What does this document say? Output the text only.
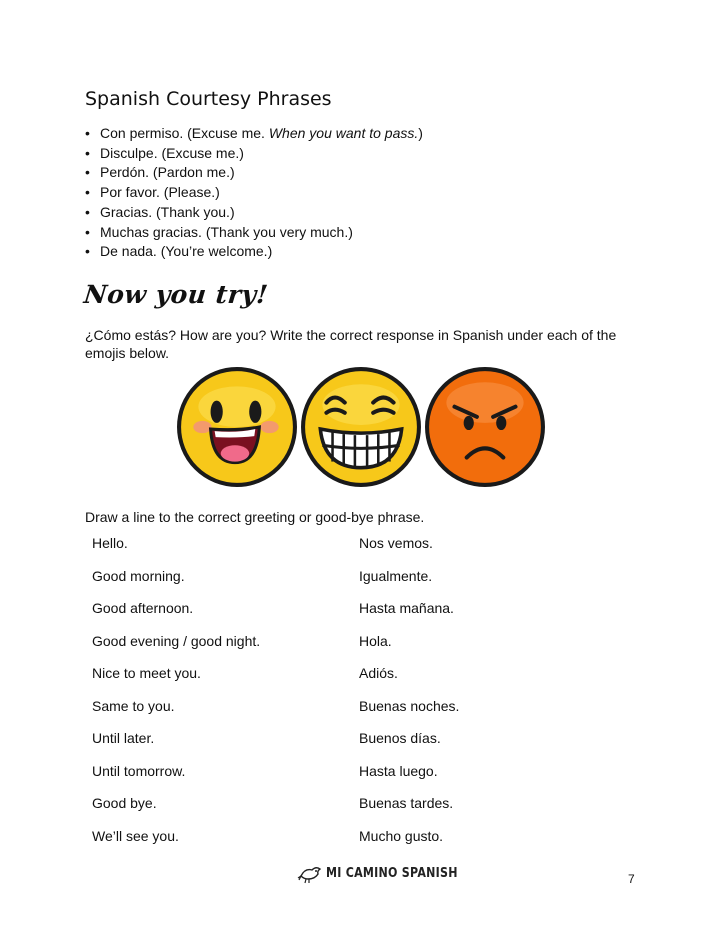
Spanish Courtesy Phrases
• Con permiso. (Excuse me. When you want to pass.)
• Disculpe. (Excuse me.)
• Perdón. (Pardon me.)
• Por favor. (Please.)
• Gracias. (Thank you.)
• Muchas gracias. (Thank you very much.)
• De nada. (You’re welcome.)
Now you try!
¿Cómo estás? How are you? Write the correct response in Spanish under each of the emojis below.
Draw a line to the correct greeting or good-bye phrase.
Hello.
Good morning.
Good afternoon.
Good evening / good night.
Nice to meet you.
Same to you.
Until later.
Until tomorrow.
Good bye.
We’ll see you.
Nos vemos.
Igualmente.
Hasta mañana.
Hola.
Adiós.
Buenas noches.
Buenos días.
Hasta luego.
Buenas tardes.
Mucho gusto.
MI CAMINO SPANISH	7
